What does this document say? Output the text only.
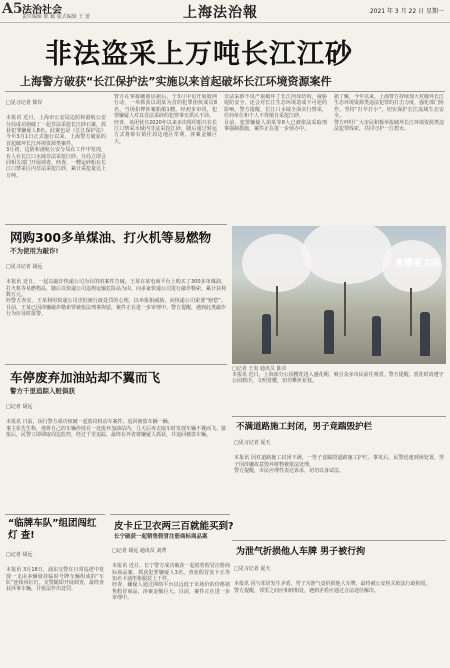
A5 法治社会
责任编辑 陈 颖 版式编辑 王 蕾	上海法治報	2021 年 3 月 22 日 星期一
非法盗采上万吨长江江砂
上海警方破获“长江保护法”实施以来首起破坏长江环境资源案件

□见习记者 徐岸

本报讯 近日，上海市公安局边防和港航公安分局成功侦破了一起非法采挖长江砂石案，抓获犯罪嫌疑人8名。此案也是《长江保护法》今年3月1日正式施行以来，上海警方破获的首起破坏长江环境资源类案件。
3月初，边防和港航公安分局在工作中发现，有人在长江口水域非法采挖江砂。分局立即会同相关部门开展调查。经查，一艘运砂船在长江口禁采区内非法采挖江砂，累计采挖量达上万吨。

警方在掌握确凿证据后，于3月中旬开展收网行动，一举抓获以胡某为首的犯罪团伙成员8名，当场扣押涉案船舶1艘。经初步审讯，犯罪嫌疑人对其非法采砂的犯罪事实供认不讳。
经查，该团伙自2020年以来多次组织船只在长江口禁采水域内非法采挖江砂，随后通过转运方式将砂石销往周边地区牟利，涉案金额巨大。
非法采砂不仅严重破坏了长江河床结构，威胁堤防安全，还会对长江生态环境造成不可逆的影响。警方提醒，长江口水域全面实行禁采，任何单位和个人不得擅自采挖江砂。
目前，犯罪嫌疑人胡某等8人已被依法采取刑事强制措施，案件正在进一步侦办中。
据了解，今年以来，上海警方持续加大对破坏长江生态环境资源类违法犯罪的打击力度，强化部门协作，坚持“打早打小”，切实保护长江流域生态安全。
警方呼吁广大市民积极举报破坏长江环境资源类违法犯罪线索，共同守护一江碧水。
网购300多单煤油、打火机等易燃物
不为使用为敲诈!

□见习记者 胡远

本报讯 近日，一起以敲诈快递公司为目的的案件告破。王某在某电商平台上购买了300多单煤油、打火机等易燃物品，随后以快递公司违规运输危险品为由，向多家快递公司进行敲诈勒索，累计获利数万元。
经警方查实，王某利用快递公司害怕被行政处罚的心理，以举报相威胁，向快递公司索要“赔偿”。目前，王某已因涉嫌敲诈勒索罪被依法刑事拘留，案件正在进一步审理中。警方提醒，遇到此类敲诈行为应及时报警。

赏樱要文明
□记者 王炎 通讯员 陈卓
本报讯 近日，上海部分公园樱花进入盛花期，吸引众多市民前往观赏。警方提醒，赏花时请遵守公园秩序，文明赏樱，切勿攀折花枝。
车停废弃加油站却不翼而飞
警方千里追踪入赃俱获

□记者 胡远

本报讯 日前，闵行警方成功侦破一起盗窃机动车案件，追回被盗车辆一辆。
事主张先生称，他将自己的车辆停放在一处废弃加油站内，几天后再去取车时发现车辆不翼而飞。接报后，民警立即调取周边监控，经过千里追踪，最终在外省将嫌疑人抓获，并追回被盗车辆。

“临牌车队”组团闯红灯 查!

□记者 胡远

本报讯 3月18日，浦东交警在日常巡逻中发现一支由多辆悬挂临时号牌车辆组成的“车队”连续闯红灯。交警随即开展调查，最终查获涉事车辆，并依法作出处罚。

皮卡丘卫衣两三百就能买到?
长宁破获一起销售假冒注册商标商品案

□记者 胡远 通讯员 刘菁

本报讯 近日，长宁警方成功破获一起销售假冒注册商标商品案，抓获犯罪嫌疑人3名，查获假冒皮卡丘等知名卡通形象服装上千件。
经查，嫌疑人通过网络平台以远低于市场价的价格销售假冒商品，涉案金额巨大。目前，案件正在进一步审理中。

不满道路施工封闭，男子竟踹毁护栏

□见习记者 夏天

本报讯 因对道路施工封闭不满，一男子竟踹毁道路施工护栏。事发后，民警迅速到场处置，男子因涉嫌故意毁坏财物被依法处理。
警方提醒，市民应理性表达诉求，切勿以身试法。

为泄气折损他人车牌 男子被行拘

□见习记者 夏天

本报讯 因与邻居发生矛盾，男子为泄气竟折损他人车牌，最终被公安机关依法行政拘留。
警方提醒，邻里之间应和睦相处，遇到矛盾应通过合法途径解决。
